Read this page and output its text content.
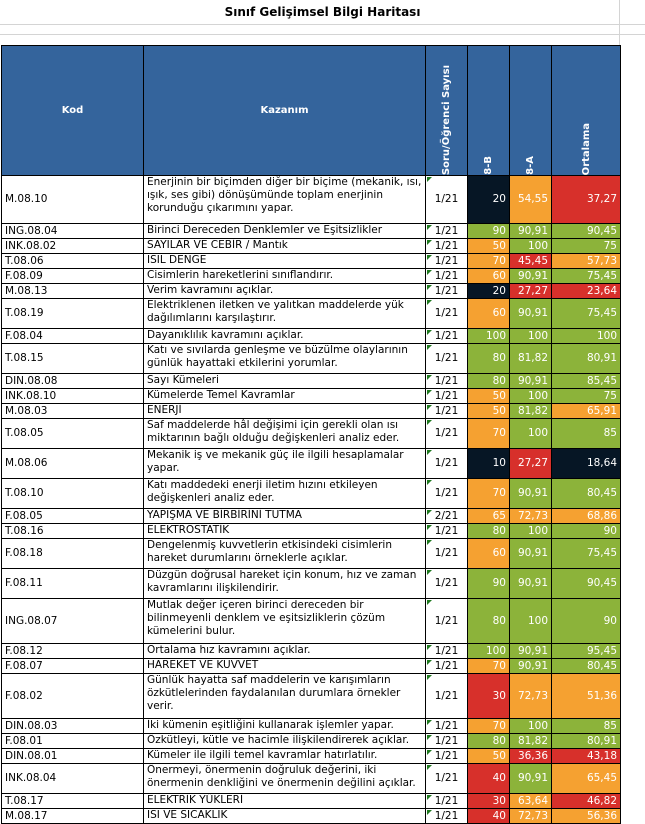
Sınıf Gelişimsel Bilgi Haritası
Kod	Kazanım	Soru/Öğrenci Sayısı	8-B	8-A	Ortalama

M.08.10	Enerjinin bir biçimden diğer bir biçime (mekanik, ısı, ışık, ses gibi) dönüşümünde toplam enerjinin korunduğu çıkarımını yapar.	1/21	20	54,55	37,27
ING.08.04	Birinci Dereceden Denklemler ve Eşitsizlikler	1/21	90	90,91	90,45
INK.08.02	SAYILAR VE CEBİR / Mantık	1/21	50	100	75
T.08.06	ISIL DENGE	1/21	70	45,45	57,73
F.08.09	Cisimlerin hareketlerini sınıflandırır.	1/21	60	90,91	75,45
M.08.13	Verim kavramını açıklar.	1/21	20	27,27	23,64
T.08.19	Elektriklenen iletken ve yalıtkan maddelerde yük dağılımlarını karşılaştırır.	1/21	60	90,91	75,45
F.08.04	Dayanıklılık kavramını açıklar.	1/21	100	100	100
T.08.15	Katı ve sıvılarda genleşme ve büzülme olaylarının günlük hayattaki etkilerini yorumlar.	1/21	80	81,82	80,91
DIN.08.08	Sayı Kümeleri	1/21	80	90,91	85,45
INK.08.10	Kümelerde Temel Kavramlar	1/21	50	100	75
M.08.03	ENERJİ	1/21	50	81,82	65,91
T.08.05	Saf maddelerde hâl değişimi için gerekli olan ısı miktarının bağlı olduğu değişkenleri analiz eder.	1/21	70	100	85
M.08.06	Mekanik iş ve mekanik güç ile ilgili hesaplamalar yapar.	1/21	10	27,27	18,64
T.08.10	Katı maddedeki enerji iletim hızını etkileyen değişkenleri analiz eder.	1/21	70	90,91	80,45
F.08.05	YAPIŞMA VE BİRBİRİNİ TUTMA	2/21	65	72,73	68,86
T.08.16	ELEKTROSTATİK	1/21	80	100	90
F.08.18	Dengelenmiş kuvvetlerin etkisindeki cisimlerin hareket durumlarını örneklerle açıklar.	1/21	60	90,91	75,45
F.08.11	Düzgün doğrusal hareket için konum, hız ve zaman kavramlarını ilişkilendirir.	1/21	90	90,91	90,45
ING.08.07	Mutlak değer içeren birinci dereceden bir bilinmeyenli denklem ve eşitsizliklerin çözüm kümelerini bulur.	1/21	80	100	90
F.08.12	Ortalama hız kavramını açıklar.	1/21	100	90,91	95,45
F.08.07	HAREKET VE KUVVET	1/21	70	90,91	80,45
F.08.02	Günlük hayatta saf maddelerin ve karışımların özkütlelerinden faydalanılan durumlara örnekler verir.	1/21	30	72,73	51,36
DIN.08.03	İki kümenin eşitliğini kullanarak işlemler yapar.	1/21	70	100	85
F.08.01	Özkütleyi, kütle ve hacimle ilişkilendirerek açıklar.	1/21	80	81,82	80,91
DIN.08.01	Kümeler ile ilgili temel kavramlar hatırlatılır.	1/21	50	36,36	43,18
INK.08.04	Önermeyi, önermenin doğruluk değerini, iki önermenin denkliğini ve önermenin değilini açıklar.	1/21	40	90,91	65,45
T.08.17	ELEKTRİK YÜKLERİ	1/21	30	63,64	46,82
M.08.17	ISI VE SICAKLIK	1/21	40	72,73	56,36
